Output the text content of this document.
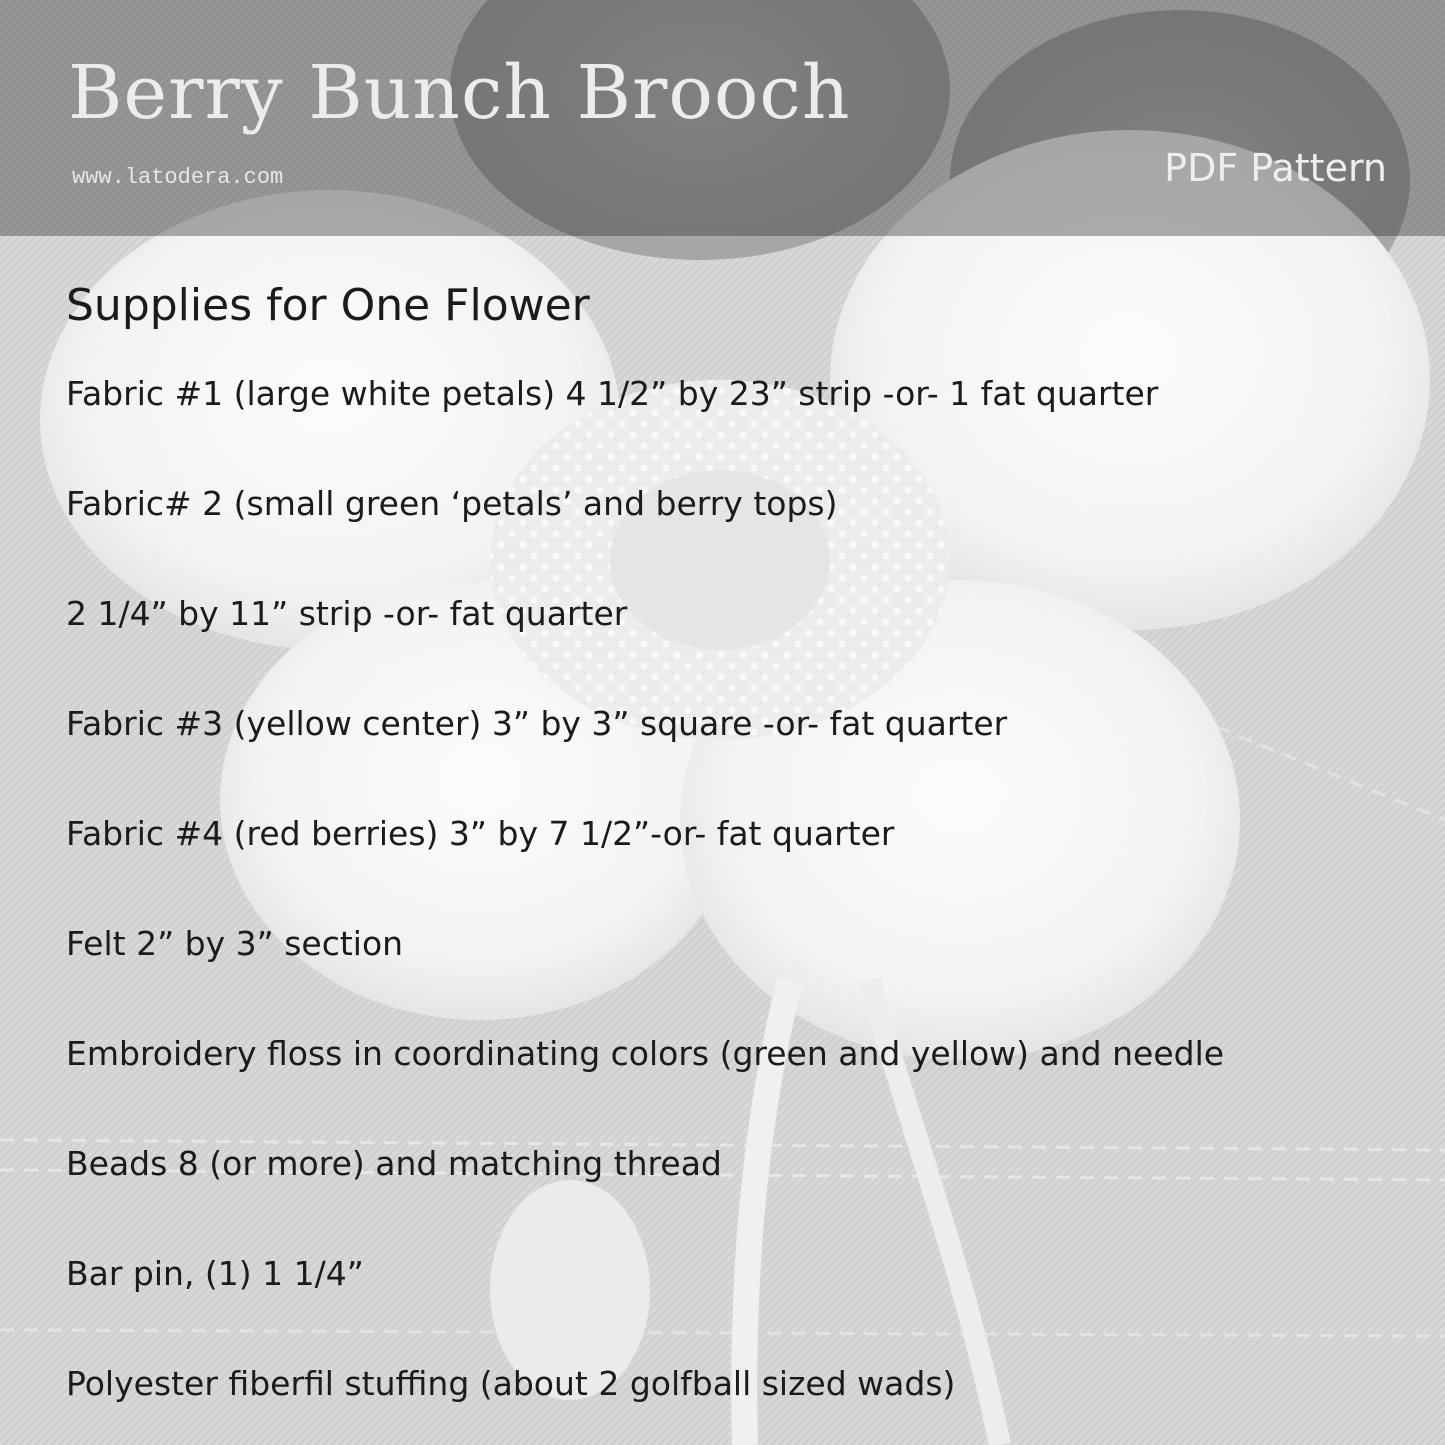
Berry Bunch Brooch
www.latodera.com	PDF Pattern
Supplies for One Flower
Fabric #1 (large white petals) 4 1/2” by 23” strip -or- 1 fat quarter
Fabric# 2 (small green ‘petals’ and berry tops)
2 1/4” by 11” strip -or- fat quarter
Fabric #3 (yellow center) 3” by 3” square -or- fat quarter
Fabric #4 (red berries) 3” by 7 1/2”-or- fat quarter
Felt 2” by 3” section
Embroidery floss in coordinating colors (green and yellow) and needle
Beads 8 (or more) and matching thread
Bar pin, (1) 1 1/4”
Polyester fiberfil stuffing (about 2 golfball sized wads)
